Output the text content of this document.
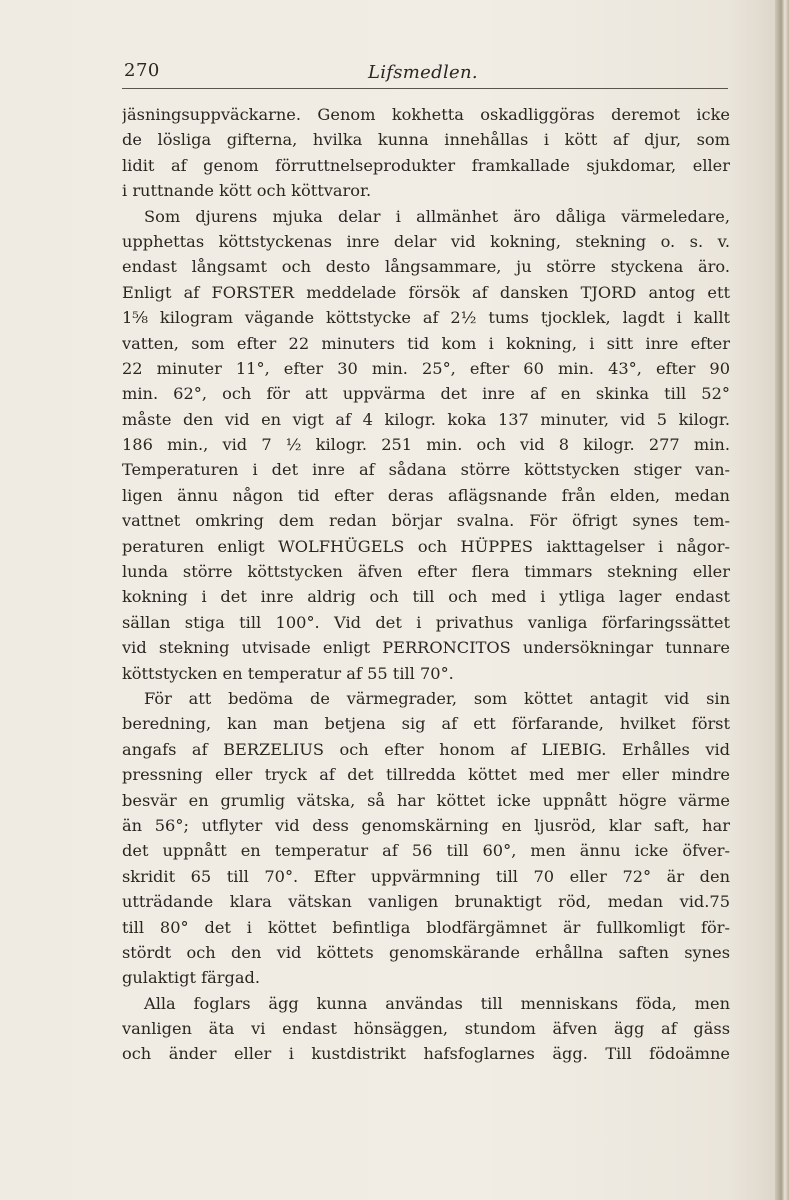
270	Lifsmedlen.
jäsningsuppväckarne. Genom kokhetta oskadliggöras deremot icke
de lösliga gifterna, hvilka kunna innehållas i kött af djur, som
lidit af genom förruttnelseprodukter framkallade sjukdomar, eller
i ruttnande kött och köttvaror.
Som djurens mjuka delar i allmänhet äro dåliga värmeledare,
upphettas köttstyckenas inre delar vid kokning, stekning o. s. v.
endast långsamt och desto långsammare, ju större styckena äro.
Enligt af FORSTER meddelade försök af dansken TJORD antog ett
1⅝ kilogram vägande köttstycke af 2½ tums tjocklek, lagdt i kallt
vatten, som efter 22 minuters tid kom i kokning, i sitt inre efter
22 minuter 11°, efter 30 min. 25°, efter 60 min. 43°, efter 90
min. 62°, och för att uppvärma det inre af en skinka till 52°
måste den vid en vigt af 4 kilogr. koka 137 minuter, vid 5 kilogr.
186 min., vid 7 ½ kilogr. 251 min. och vid 8 kilogr. 277 min.
Temperaturen i det inre af sådana större köttstycken stiger van-
ligen ännu någon tid efter deras aflägsnande från elden, medan
vattnet omkring dem redan börjar svalna. För öfrigt synes tem-
peraturen enligt WOLFHÜGELS och HÜPPES iakttagelser i någor-
lunda större köttstycken äfven efter flera timmars stekning eller
kokning i det inre aldrig och till och med i ytliga lager endast
sällan stiga till 100°. Vid det i privathus vanliga förfaringssättet
vid stekning utvisade enligt PERRONCITOS undersökningar tunnare
köttstycken en temperatur af 55 till 70°.
För att bedöma de värmegrader, som köttet antagit vid sin
beredning, kan man betjena sig af ett förfarande, hvilket först
angafs af BERZELIUS och efter honom af LIEBIG. Erhålles vid
pressning eller tryck af det tillredda köttet med mer eller mindre
besvär en grumlig vätska, så har köttet icke uppnått högre värme
än 56°; utflyter vid dess genomskärning en ljusröd, klar saft, har
det uppnått en temperatur af 56 till 60°, men ännu icke öfver-
skridit 65 till 70°. Efter uppvärmning till 70 eller 72° är den
utträdande klara vätskan vanligen brunaktigt röd, medan vid.75
till 80° det i köttet befintliga blodfärgämnet är fullkomligt för-
stördt och den vid köttets genomskärande erhållna saften synes
gulaktigt färgad.
Alla foglars ägg kunna användas till menniskans föda, men
vanligen äta vi endast hönsäggen, stundom äfven ägg af gäss
och änder eller i kustdistrikt hafsfoglarnes ägg. Till födoämne
